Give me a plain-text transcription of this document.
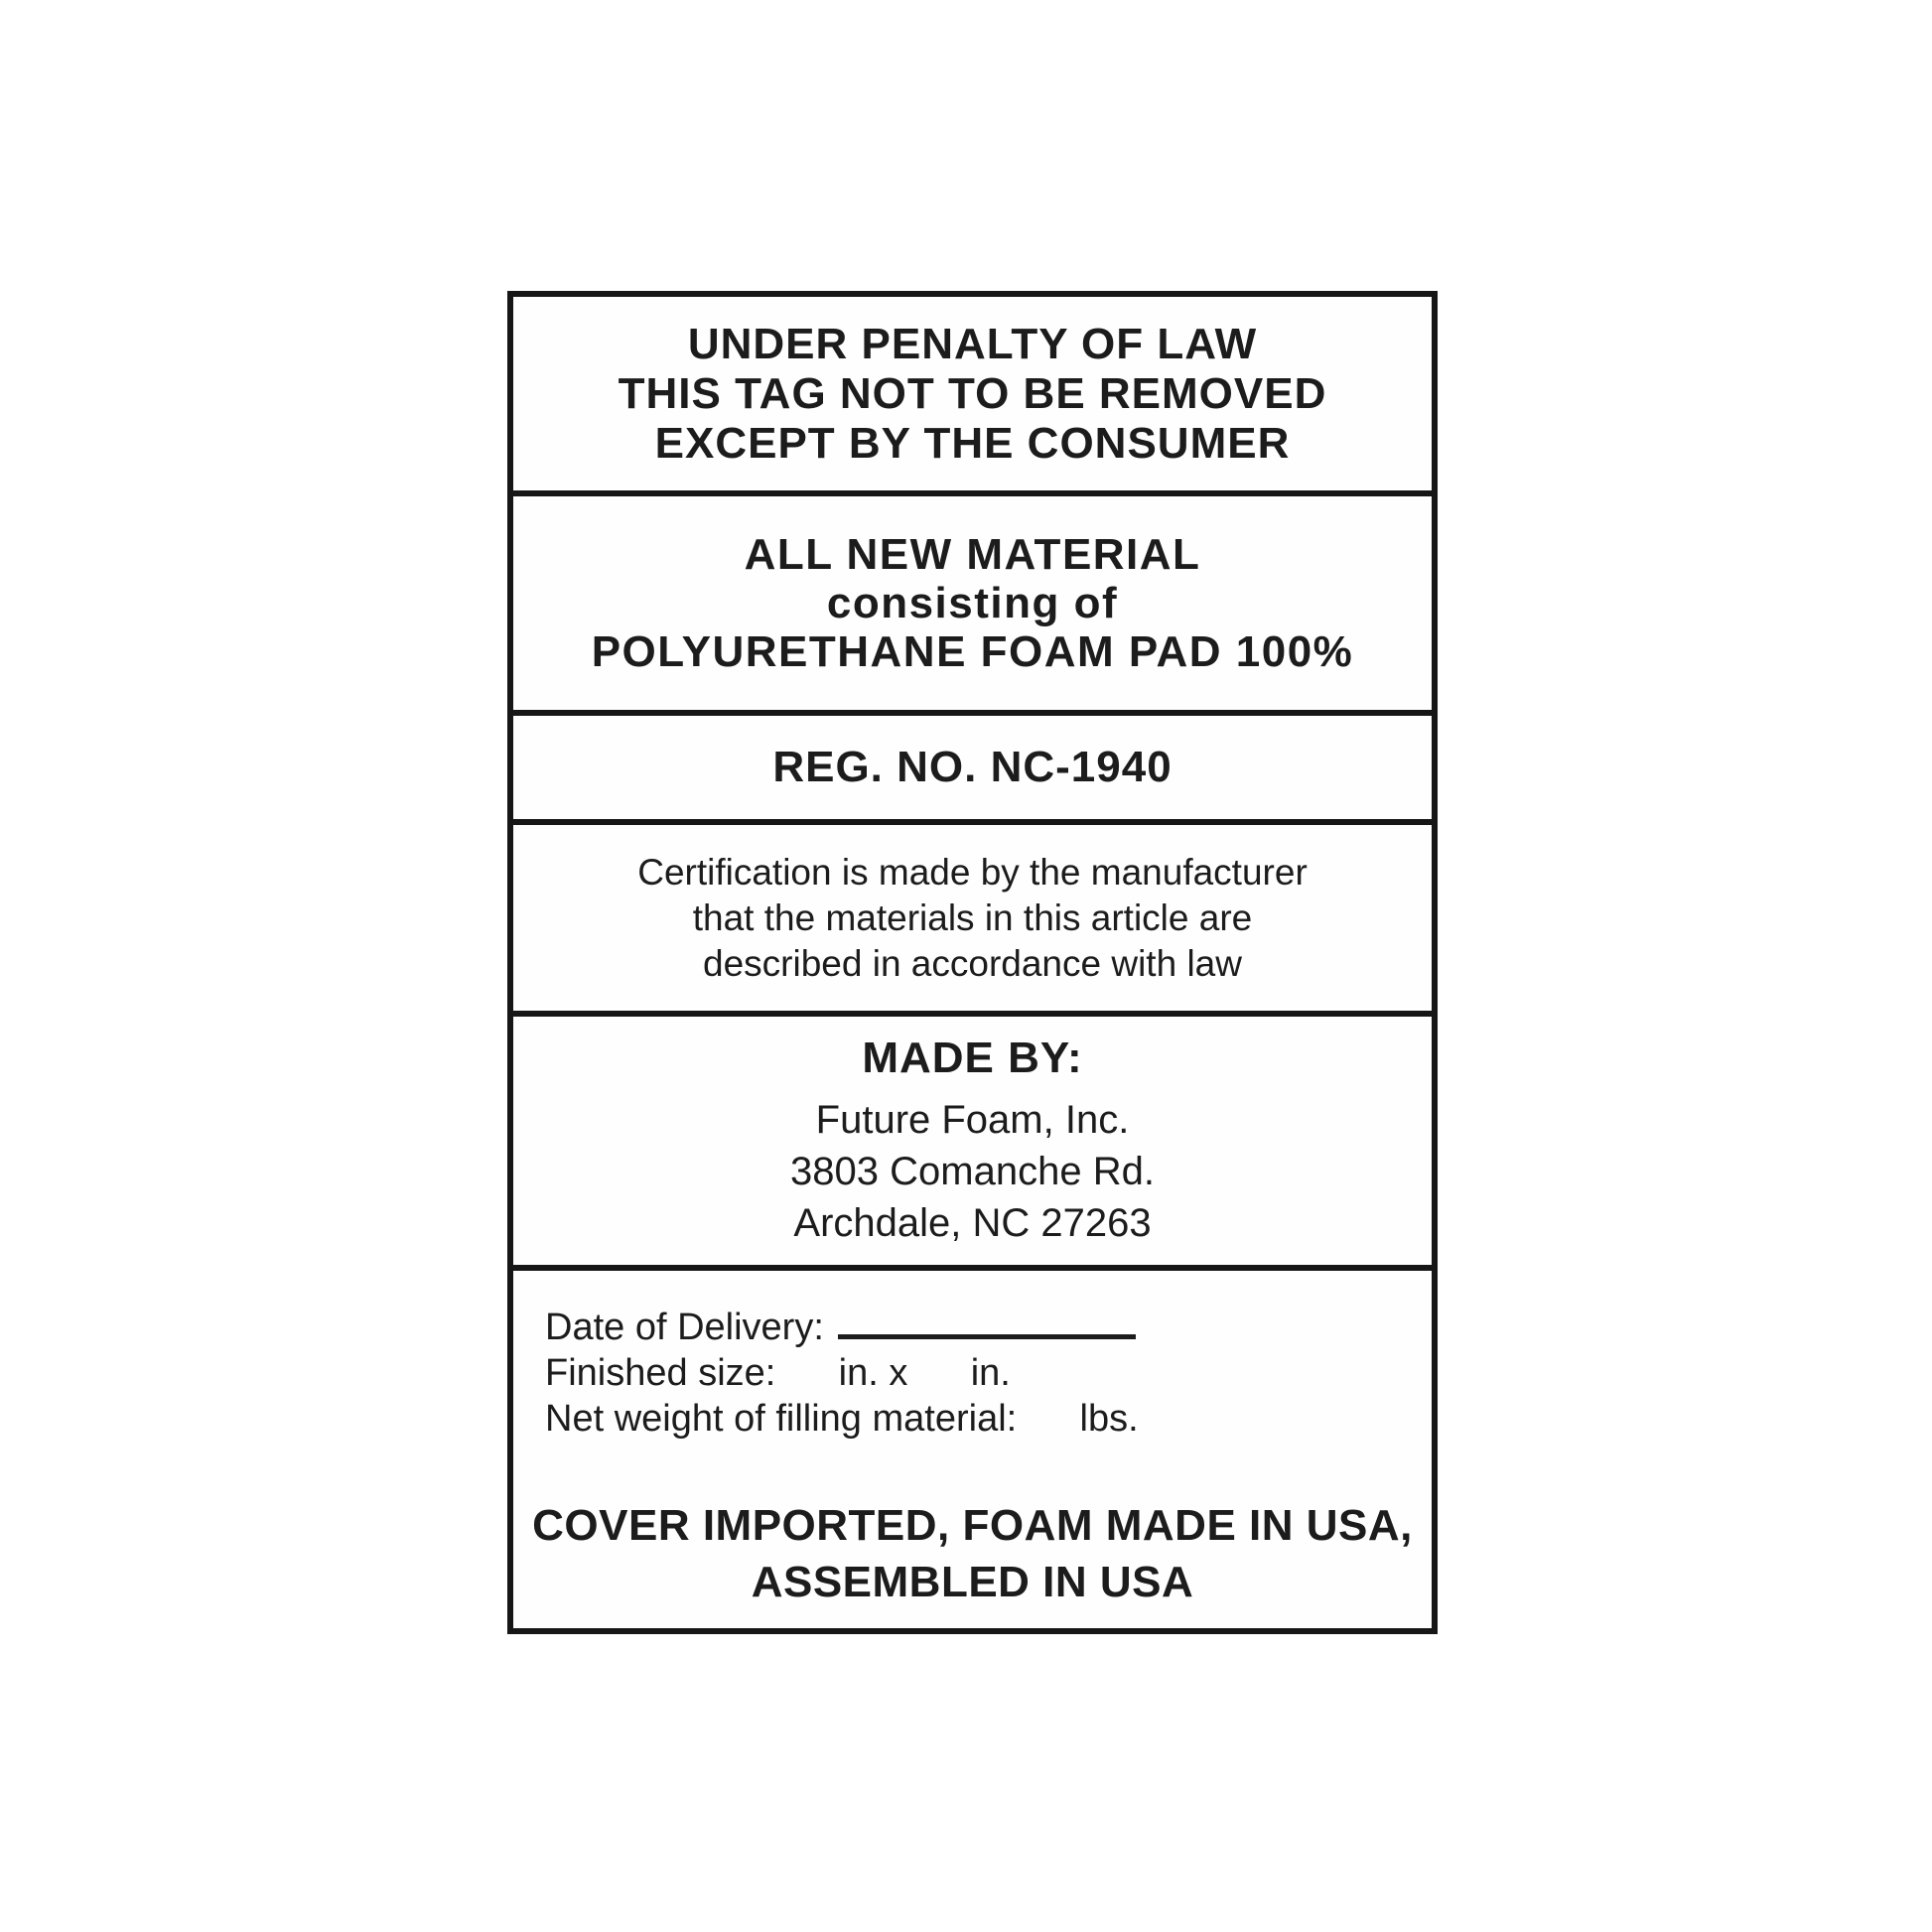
UNDER PENALTY OF LAW
THIS TAG NOT TO BE REMOVED
EXCEPT BY THE CONSUMER
ALL NEW MATERIAL
consisting of
POLYURETHANE FOAM PAD 100%
REG. NO. NC-1940
Certification is made by the manufacturer
that the materials in this article are
described in accordance with law
MADE BY:
Future Foam, Inc.
3803 Comanche Rd.
Archdale, NC 27263
Date of Delivery:
Finished size:      in. x      in.
Net weight of filling material:      lbs.
COVER IMPORTED, FOAM MADE IN USA,
ASSEMBLED IN USA
